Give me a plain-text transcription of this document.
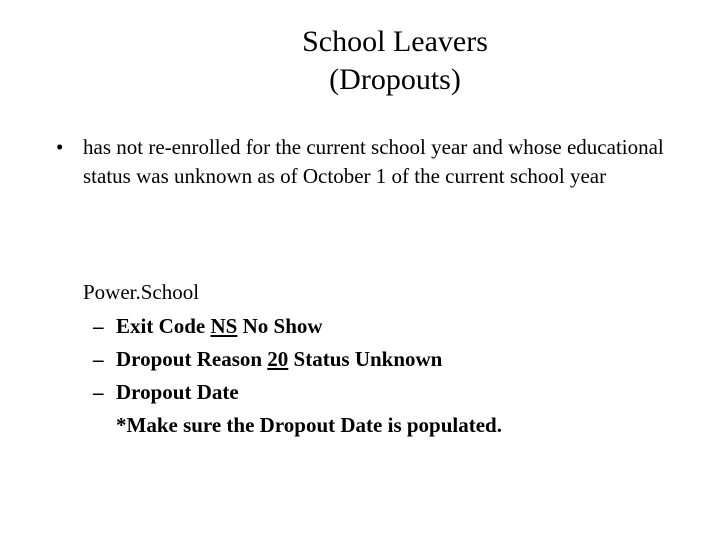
School Leavers
(Dropouts)
• has not re-enrolled for the current school year and whose educational status was unknown as of October 1 of the current school year
Power.School
– Exit Code NS No Show
– Dropout Reason 20 Status Unknown
– Dropout Date
*Make sure the Dropout Date is populated.
